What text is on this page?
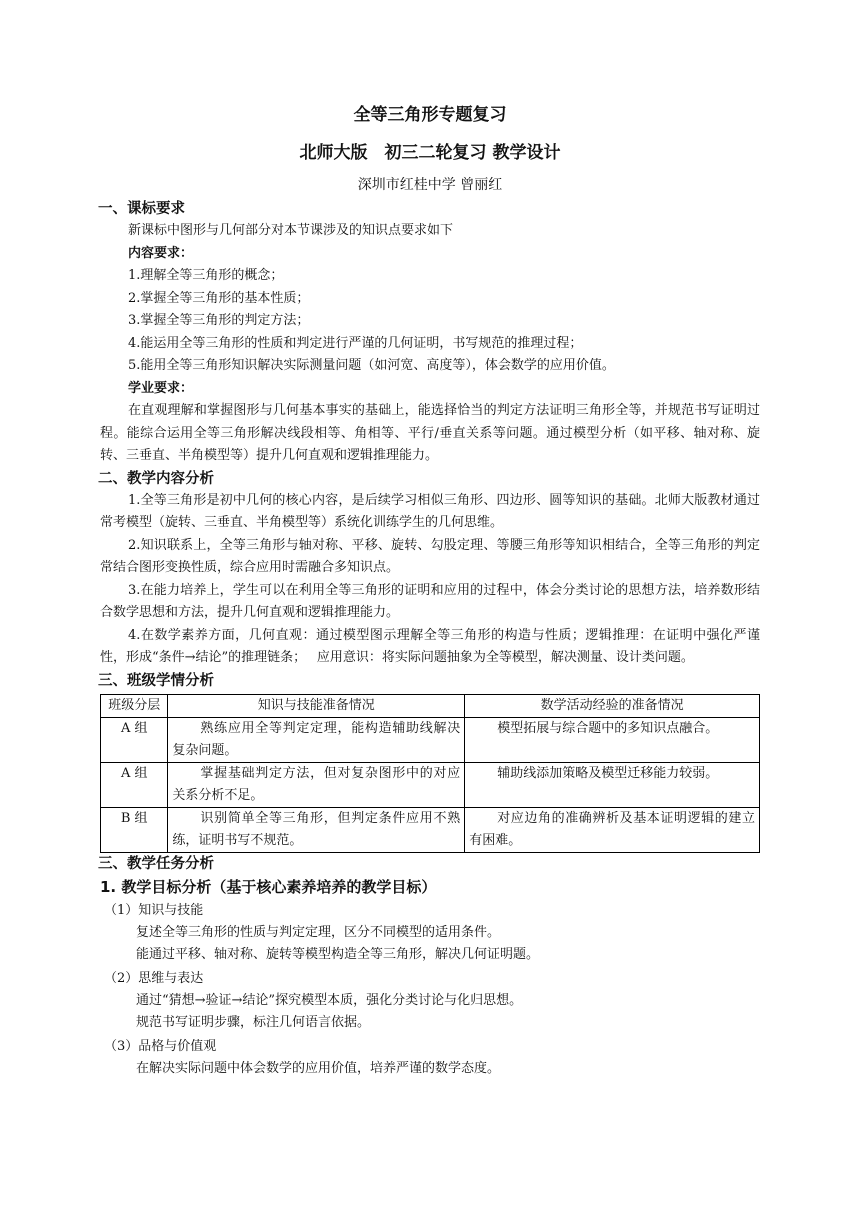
全等三角形专题复习
北师大版　初三二轮复习 教学设计
深圳市红桂中学 曾丽红
一、课标要求
新课标中图形与几何部分对本节课涉及的知识点要求如下
内容要求：
1.理解全等三角形的概念；
2.掌握全等三角形的基本性质；
3.掌握全等三角形的判定方法；
4.能运用全等三角形的性质和判定进行严谨的几何证明，书写规范的推理过程；
5.能用全等三角形知识解决实际测量问题（如河宽、高度等），体会数学的应用价值。
学业要求：
在直观理解和掌握图形与几何基本事实的基础上，能选择恰当的判定方法证明三角形全等，并规范书写证明过程。能综合运用全等三角形解决线段相等、角相等、平行/垂直关系等问题。通过模型分析（如平移、轴对称、旋转、三垂直、半角模型等）提升几何直观和逻辑推理能力。
二、教学内容分析
1.全等三角形是初中几何的核心内容，是后续学习相似三角形、四边形、圆等知识的基础。北师大版教材通过常考模型（旋转、三垂直、半角模型等）系统化训练学生的几何思维。
2.知识联系上，全等三角形与轴对称、平移、旋转、勾股定理、等腰三角形等知识相结合，全等三角形的判定常结合图形变换性质，综合应用时需融合多知识点。
3.在能力培养上，学生可以在利用全等三角形的证明和应用的过程中，体会分类讨论的思想方法，培养数形结合数学思想和方法，提升几何直观和逻辑推理能力。
4.在数学素养方面，几何直观：通过模型图示理解全等三角形的构造与性质；逻辑推理：在证明中强化严谨性，形成“条件→结论”的推理链条；　 应用意识：将实际问题抽象为全等模型，解决测量、设计类问题。
三、班级学情分析
班级分层	知识与技能准备情况	数学活动经验的准备情况
A 组	熟练应用全等判定定理，能构造辅助线解决复杂问题。	模型拓展与综合题中的多知识点融合。

A 组	掌握基础判定方法，但对复杂图形中的对应关系分析不足。	辅助线添加策略及模型迁移能力较弱。

B 组	识别简单全等三角形，但判定条件应用不熟练，证明书写不规范。	对应边角的准确辨析及基本证明逻辑的建立有困难。
三、教学任务分析
1. 教学目标分析（基于核心素养培养的教学目标）
（1）知识与技能
复述全等三角形的性质与判定定理，区分不同模型的适用条件。
能通过平移、轴对称、旋转等模型构造全等三角形，解决几何证明题。
（2）思维与表达
通过“猜想→验证→结论”探究模型本质，强化分类讨论与化归思想。
规范书写证明步骤，标注几何语言依据。
（3）品格与价值观
在解决实际问题中体会数学的应用价值，培养严谨的数学态度。
